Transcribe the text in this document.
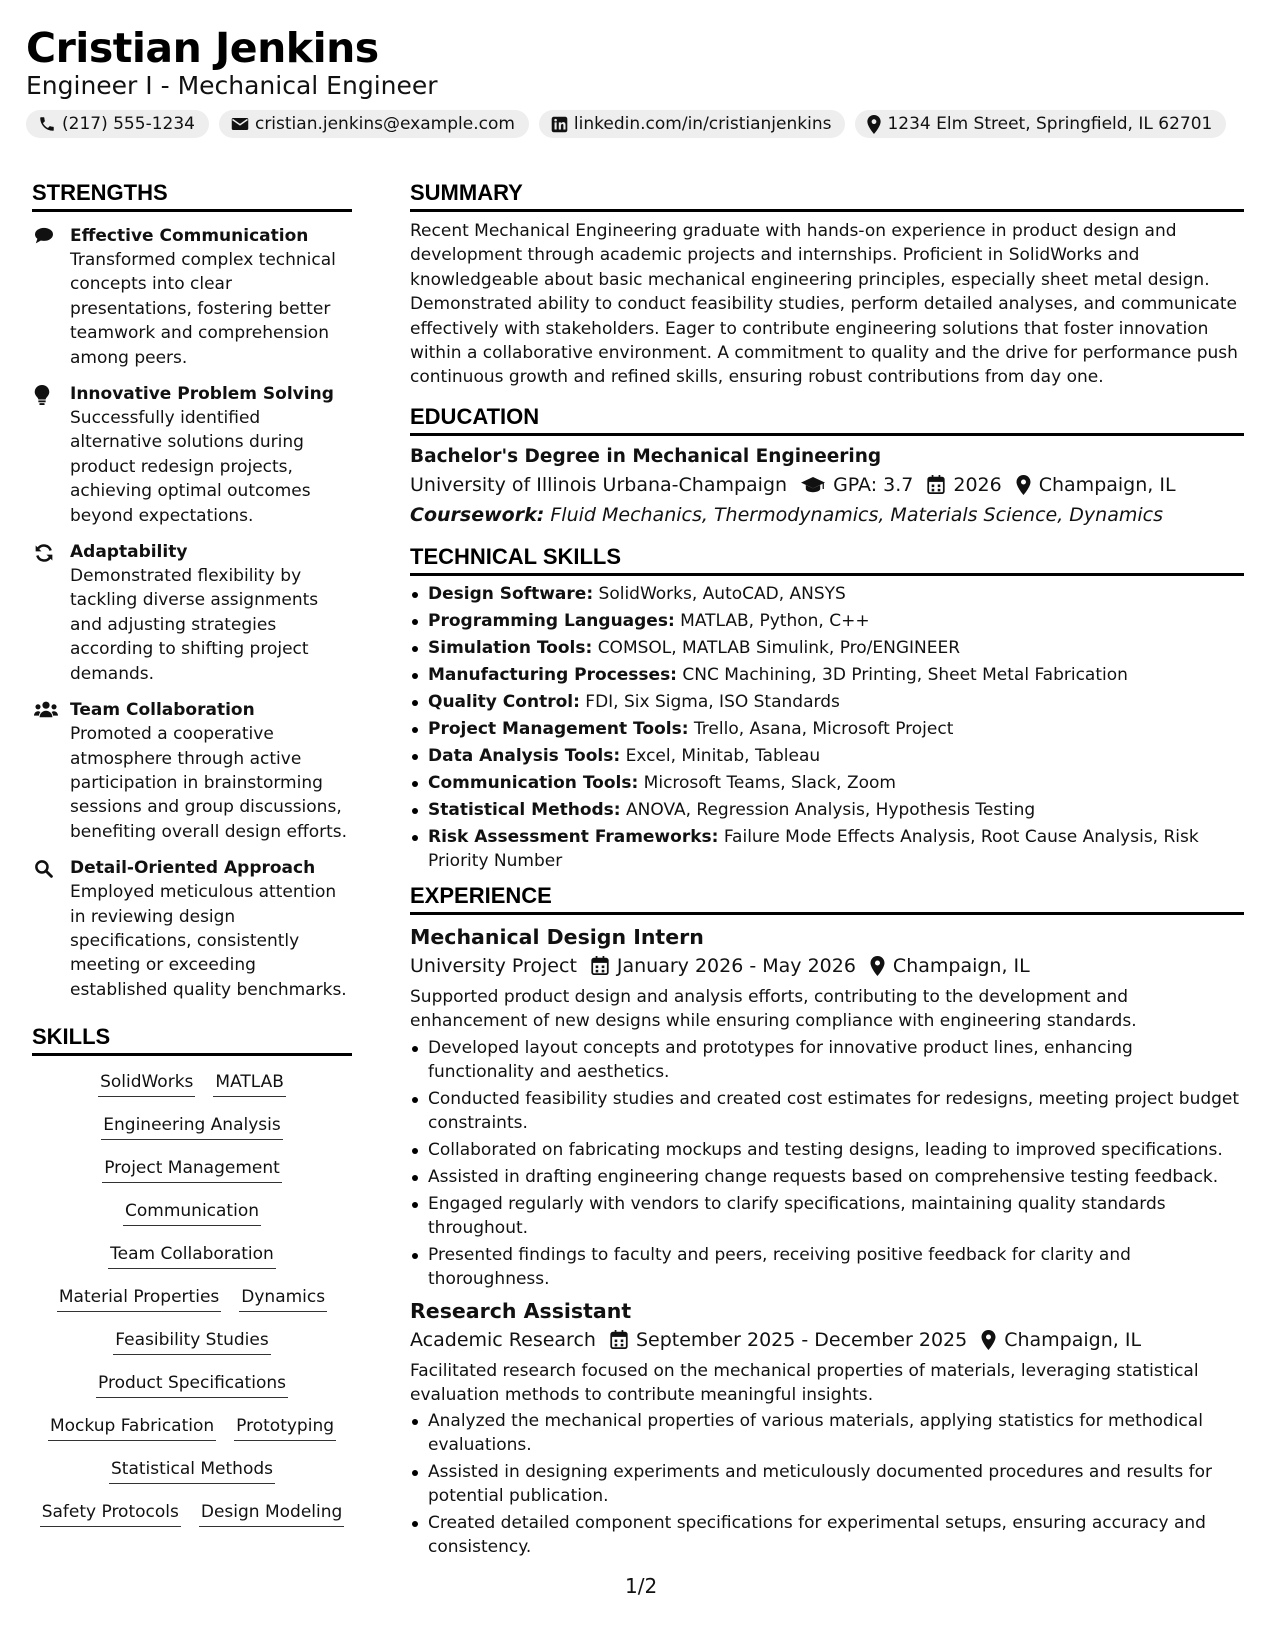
Cristian Jenkins
Engineer I - Mechanical Engineer
(217) 555-1234	cristian.jenkins@example.com	linkedin.com/in/cristianjenkins	1234 Elm Street, Springfield, IL 62701
STRENGTHS
Effective Communication
Transformed complex technical concepts into clear presentations, fostering better teamwork and comprehension among peers.
Innovative Problem Solving
Successfully identified alternative solutions during product redesign projects, achieving optimal outcomes beyond expectations.
Adaptability
Demonstrated flexibility by tackling diverse assignments and adjusting strategies according to shifting project demands.
Team Collaboration
Promoted a cooperative atmosphere through active participation in brainstorming sessions and group discussions, benefiting overall design efforts.
Detail-Oriented Approach
Employed meticulous attention in reviewing design specifications, consistently meeting or exceeding established quality benchmarks.
SKILLS
SolidWorks MATLAB
Engineering Analysis
Project Management
Communication
Team Collaboration
Material Properties Dynamics
Feasibility Studies
Product Specifications
Mockup Fabrication Prototyping
Statistical Methods
Safety Protocols Design Modeling
SUMMARY
Recent Mechanical Engineering graduate with hands-on experience in product design and development through academic projects and internships. Proficient in SolidWorks and knowledgeable about basic mechanical engineering principles, especially sheet metal design. Demonstrated ability to conduct feasibility studies, perform detailed analyses, and communicate effectively with stakeholders. Eager to contribute engineering solutions that foster innovation within a collaborative environment. A commitment to quality and the drive for performance push continuous growth and refined skills, ensuring robust contributions from day one.
EDUCATION
Bachelor's Degree in Mechanical Engineering
University of Illinois Urbana-Champaign GPA: 3.7 2026 Champaign, IL
Coursework: Fluid Mechanics, Thermodynamics, Materials Science, Dynamics
TECHNICAL SKILLS
Design Software: SolidWorks, AutoCAD, ANSYS
Programming Languages: MATLAB, Python, C++
Simulation Tools: COMSOL, MATLAB Simulink, Pro/ENGINEER
Manufacturing Processes: CNC Machining, 3D Printing, Sheet Metal Fabrication
Quality Control: FDI, Six Sigma, ISO Standards
Project Management Tools: Trello, Asana, Microsoft Project
Data Analysis Tools: Excel, Minitab, Tableau
Communication Tools: Microsoft Teams, Slack, Zoom
Statistical Methods: ANOVA, Regression Analysis, Hypothesis Testing
Risk Assessment Frameworks: Failure Mode Effects Analysis, Root Cause Analysis, Risk Priority Number
EXPERIENCE
Mechanical Design Intern
University Project January 2026 - May 2026 Champaign, IL
Supported product design and analysis efforts, contributing to the development and enhancement of new designs while ensuring compliance with engineering standards.
Developed layout concepts and prototypes for innovative product lines, enhancing functionality and aesthetics.
Conducted feasibility studies and created cost estimates for redesigns, meeting project budget constraints.
Collaborated on fabricating mockups and testing designs, leading to improved specifications.
Assisted in drafting engineering change requests based on comprehensive testing feedback.
Engaged regularly with vendors to clarify specifications, maintaining quality standards throughout.
Presented findings to faculty and peers, receiving positive feedback for clarity and thoroughness.
Research Assistant
Academic Research September 2025 - December 2025 Champaign, IL
Facilitated research focused on the mechanical properties of materials, leveraging statistical evaluation methods to contribute meaningful insights.
Analyzed the mechanical properties of various materials, applying statistics for methodical evaluations.
Assisted in designing experiments and meticulously documented procedures and results for potential publication.
Created detailed component specifications for experimental setups, ensuring accuracy and consistency.
1/2
